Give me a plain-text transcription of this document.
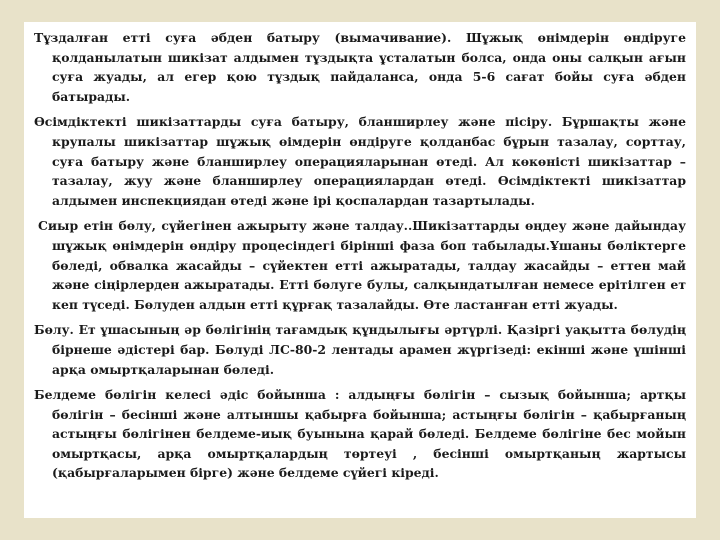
Тұздалған етті суға әбден батыру (вымачивание). Шұжық өнімдерін өндіруге қолданылатын шикізат алдымен тұздықта ұсталатын болса, онда оны салқын ағын суға жуады, ал егер қою тұздық пайдаланса, онда 5-6 сағат бойы суға әбден батырады.

Өсімдіктекті шикізаттарды суға батыру, бланширлеу және пісіру. Бұршақты және крупалы шикізаттар шұжық өімдерін өндіруге қолданбас бұрын тазалау, сорттау, суға батыру және бланширлеу операцияларынан өтеді. Ал көкөністі шикізаттар – тазалау, жуу және бланширлеу операциялардан өтеді. Өсімдіктекті шикізаттар алдымен инспекциядан өтеді және ірі қоспалардан тазартылады.

Сиыр етін бөлу, сүйегінен ажырыту және талдау..Шикізаттарды өңдеу және дайындау шұжық өнімдерін өндіру процесіндегі бірінші фаза боп табылады.Ұшаны бөліктерге бөледі, обвалка жасайды – сүйектен етті ажыратады, талдау жасайды – еттен май және сіңірлерден ажыратады. Етті бөлуге булы, салқындатылған немесе ерітілген ет кеп түседі. Бөлуден алдын етті құрғақ тазалайды. Өте ластанған етті жуады.

Бөлу. Ет ұшасының әр бөлігінің тағамдық құндылығы әртүрлі. Қазіргі уақытта бөлудің бірнеше әдістері бар. Бөлуді ЛС-80-2 лентады арамен жүргізеді: екінші және үшінші арқа омыртқаларынан бөледі.

Белдеме бөлігін келесі әдіс бойынша : алдыңғы бөлігін – сызық бойынша; артқы бөлігін – бесінші және алтыншы қабырға бойынша; астыңғы бөлігін – қабырғаның астыңғы бөлігінен белдеме-иық буынына қарай бөледі. Белдеме бөлігіне бес мойын омыртқасы, арқа омыртқалардың төртеуі , бесінші омыртқаның жартысы (қабырғаларымен бірге) және белдеме сүйегі кіреді.
